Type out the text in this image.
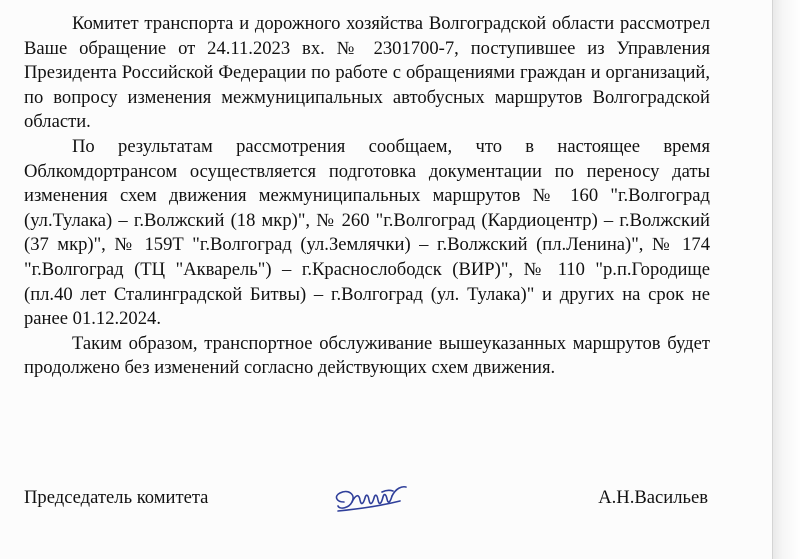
Комитет транспорта и дорожного хозяйства Волгоградской области рассмотрел Ваше обращение от 24.11.2023 вх. № 2301700-7, поступившее из Управления Президента Российской Федерации по работе с обращениями граждан и организаций, по вопросу изменения межмуниципальных автобусных маршрутов Волгоградской области.

По результатам рассмотрения сообщаем, что в настоящее время Облкомдортрансом осуществляется подготовка документации по переносу даты изменения схем движения межмуниципальных маршрутов № 160 "г.Волгоград (ул.Тулака) – г.Волжский (18 мкр)", № 260 "г.Волгоград (Кардиоцентр) – г.Волжский (37 мкр)", № 159Т "г.Волгоград (ул.Землячки) – г.Волжский (пл.Ленина)", № 174 "г.Волгоград (ТЦ "Акварель") – г.Краснослободск (ВИР)", № 110 "р.п.Городище (пл.40 лет Сталинградской Битвы) – г.Волгоград (ул. Тулака)" и других на срок не ранее 01.12.2024.

Таким образом, транспортное обслуживание вышеуказанных маршрутов будет продолжено без изменений согласно действующих схем движения.

Председатель комитета	А.Н.Васильев
